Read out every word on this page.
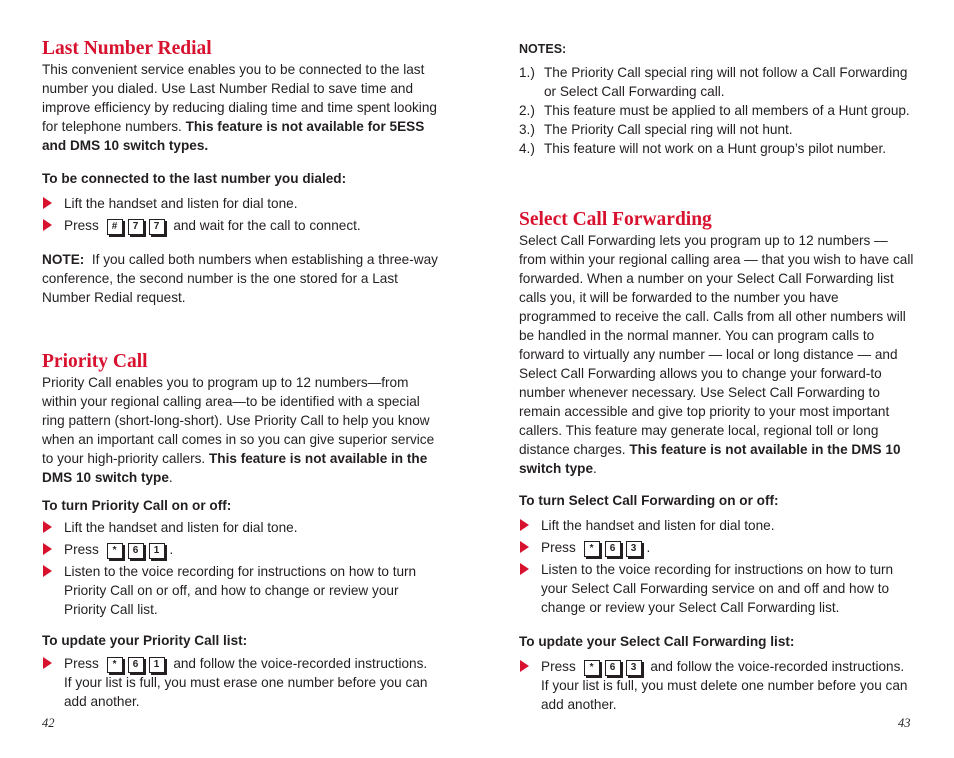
Last Number Redial

This convenient service enables you to be connected to the last number you dialed. Use Last Number Redial to save time and improve efficiency by reducing dialing time and time spent looking for telephone numbers. This feature is not available for 5ESS and DMS 10 switch types.

To be connected to the last number you dialed:

Lift the handset and listen for dial tone.
Press # 7 7 and wait for the call to connect.

NOTE: If you called both numbers when establishing a three-way conference, the second number is the one stored for a Last Number Redial request.

Priority Call

Priority Call enables you to program up to 12 numbers—from within your regional calling area—to be identified with a special ring pattern (short-long-short). Use Priority Call to help you know when an important call comes in so you can give superior service to your high-priority callers. This feature is not available in the DMS 10 switch type.

To turn Priority Call on or off:

Lift the handset and listen for dial tone.
Press * 6 1 .
Listen to the voice recording for instructions on how to turn Priority Call on or off, and how to change or review your Priority Call list.

To update your Priority Call list:

Press * 6 1 and follow the voice-recorded instructions.
If your list is full, you must erase one number before you can add another.

NOTES:

1.) The Priority Call special ring will not follow a Call Forwarding or Select Call Forwarding call.
2.) This feature must be applied to all members of a Hunt group.
3.) The Priority Call special ring will not hunt.
4.) This feature will not work on a Hunt group’s pilot number.
Select Call Forwarding

Select Call Forwarding lets you program up to 12 numbers — from within your regional calling area — that you wish to have call forwarded. When a number on your Select Call Forwarding list calls you, it will be forwarded to the number you have programmed to receive the call. Calls from all other numbers will be handled in the normal manner. You can program calls to forward to virtually any number — local or long distance — and Select Call Forwarding allows you to change your forward-to number whenever necessary. Use Select Call Forwarding to remain accessible and give top priority to your most important callers. This feature may generate local, regional toll or long distance charges. This feature is not available in the DMS 10 switch type.

To turn Select Call Forwarding on or off:

Lift the handset and listen for dial tone.
Press * 6 3 .
Listen to the voice recording for instructions on how to turn your Select Call Forwarding service on and off and how to change or review your Select Call Forwarding list.

To update your Select Call Forwarding list:

Press * 6 3 and follow the voice-recorded instructions.
If your list is full, you must delete one number before you can add another.
42	43
